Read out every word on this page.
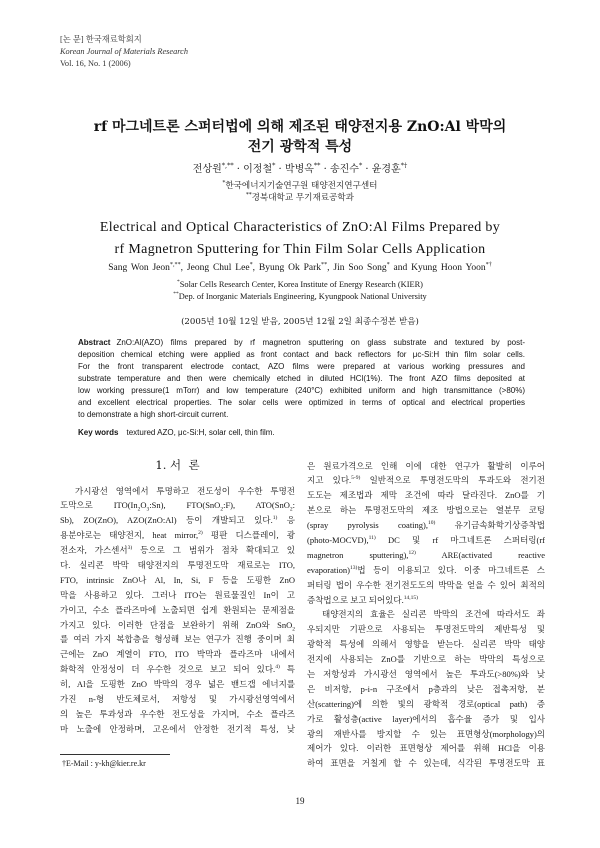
[논 문] 한국재료학회지
Korean Journal of Materials Research
Vol. 16, No. 1 (2006)
rf 마그네트론 스퍼터법에 의해 제조된 태양전지용 ZnO:Al 박막의
전기 광학적 특성
전상원*,** · 이정철* · 박병옥** · 송진수* · 윤경훈*†
*한국에너지기술연구원 태양전지연구센터
**경북대학교 무기재료공학과
Electrical and Optical Characteristics of ZnO:Al Films Prepared by
rf Magnetron Sputtering for Thin Film Solar Cells Application
Sang Won Jeon*,**, Jeong Chul Lee*, Byung Ok Park**, Jin Soo Song* and Kyung Hoon Yoon*†
*Solar Cells Research Center, Korea Institute of Energy Research (KIER)
**Dep. of Inorganic Materials Engineering, Kyungpook National University
(2005년 10월 12일 받음, 2005년 12월 2일 최종수정본 받음)
Abstract ZnO:Al(AZO) films prepared by rf magnetron sputtering on glass substrate and textured by post-
deposition chemical etching were applied as front contact and back reflectors for μc-Si:H thin film solar cells.
For the front transparent electrode contact, AZO films were prepared at various working pressures and
substrate temperature and then were chemically etched in diluted HCl(1%). The front AZO films deposited at
low working pressure(1 mTorr) and low temperature (240°C) exhibited uniform and high transmittance (>80%)
and excellent electrical properties. The solar cells were optimized in terms of optical and electrical properties
to demonstrate a high short-circuit current.
Key words textured AZO, μc-Si:H, solar cell, thin film.
1. 서  론
가시광선 영역에서 투명하고 전도성이 우수한 투명전
도막으로 $ITO(In_2O_3:Sn)$, FTO(SnO$_2$:F), ATO(SnO$_2$:
Sb), ZO(ZnO), AZO(ZnO:Al) 등이 개발되고 있다.$^{1)}$ 응
용분야로는 태양전지, heat mirror,$^{2)}$ 평판 디스플레이, 광
전소자, 가스센서$^{3)}$ 등으로 그 범위가 점차 확대되고 있
다. 실리콘 박막 태양전지의 투명전도막 재료로는 ITO,
FTO, intrinsic ZnO나 Al, In, Si, F 등을 도핑한 ZnO
막을 사용하고 있다. 그러나 ITO는 원료물질인 In이 고
가이고, 수소 플라즈마에 노출되면 쉽게 환원되는 문제점을
가지고 있다. 이러한 단점을 보완하기 위해 ZnO와 SnO$_2$
를 여러 가지 복합층을 형성해 보는 연구가 진행 중이며 최
근에는 ZnO 계열이 FTO, ITO 박막과 플라즈마 내에서
화학적 안정성이 더 우수한 것으로 보고 되어 있다.$^{4)}$ 특
히, Al을 도핑한 ZnO 박막의 경우 넓은 밴드갭 에너지를
가진 n-형 반도체로서, 저항성 및 가시광선영역에서
의 높은 투과성과 우수한 전도성을 가지며, 수소 플라즈
마 노출에 안정하며, 고온에서 안정한 전기적 특성, 낮
은 원료가격으로 인해 이에 대한 연구가 활발히 이루어
지고 있다.$^{5-9)}$ 일반적으로 투명전도막의 투과도와 전기전
도도는 제조법과 제막 조건에 따라 달라진다. ZnO를 기
본으로 하는 투명전도막의 제조 방법으로는 열분무 코팅
(spray pyrolysis coating),$^{10)}$ 유기금속화학기상증착법
(photo-MOCVD),$^{11)}$ DC 및 rf 마그네트론 스퍼터링(rf
magnetron sputtering),$^{12)}$ ARE(activated reactive
evaporation)$^{13)}$법 등이 이용되고 있다. 이중 마그네트론 스
퍼터링 법이 우수한 전기전도도의 박막을 얻을 수 있어 최적의
증착법으로 보고 되어있다.$^{14,15)}$
태양전지의 효율은 실리콘 박막의 조건에 따라서도 좌
우되지만 기판으로 사용되는 투명전도막의 제반특성 및
광학적 특성에 의해서 영향을 받는다. 실리콘 박막 태양
전지에 사용되는 ZnO를 기반으로 하는 박막의 특성으로
는 저항성과 가시광선 영역에서 높은 투과도(>80%)와 낮
은 비저항, p-i-n 구조에서 p층과의 낮은 접촉저항, 분
산(scattering)에 의한 빛의 광학적 경로(optical path) 증
가로 활성층(active layer)에서의 흡수율 증가 및 입사
광의 재반사를 방지할 수 있는 표면형상(morphology)의
제어가 있다. 이러한 표면형상 제어를 위해 HCl을 이용
하여 표면을 거칠게 할 수 있는데, 식각된 투명전도막 표
†E-Mail : y-kh@kier.re.kr
19
